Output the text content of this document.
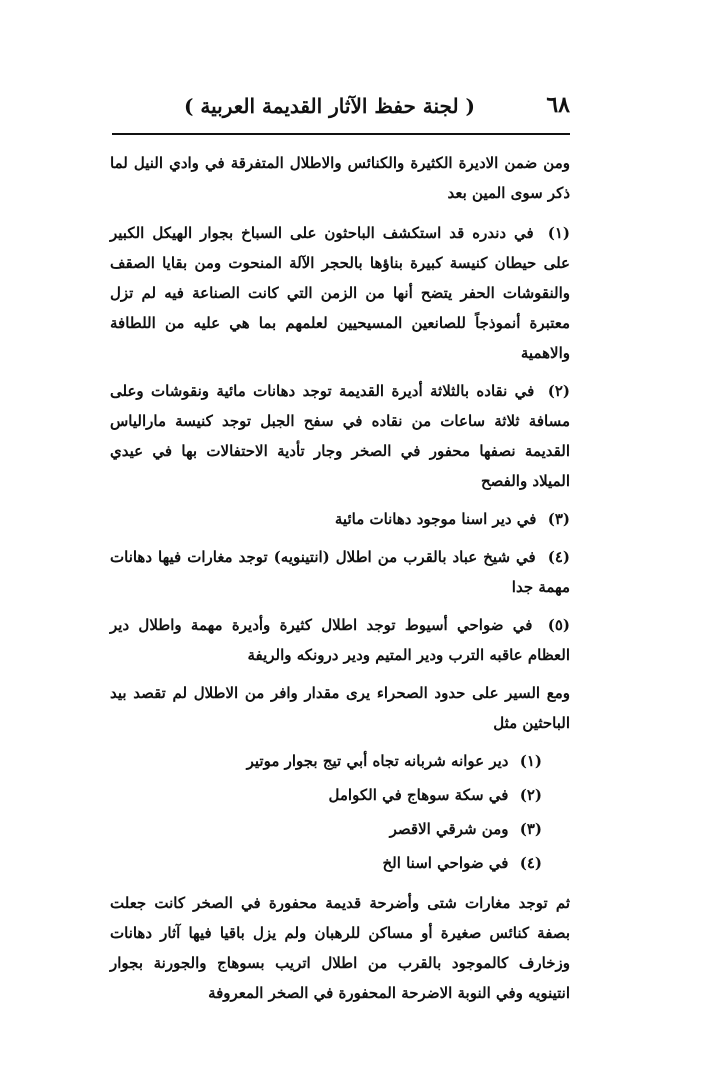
٦٨
( لجنة حفظ الآثار القديمة العربية )

ومن ضمن الاديرة الكثيرة والكنائس والاطلال المتفرقة في وادي النيل لما ذكر سوى المين بعد

(١) في دندره قد استكشف الباحثون على السباخ بجوار الهيكل الكبير على حيطان كنيسة كبيرة بناؤها بالحجر الآلة المنحوت ومن بقايا الصقف والنقوشات الحفر يتضح أنها من الزمن التي كانت الصناعة فيه لم تزل معتبرة أنموذجاً للصانعين المسيحيين لعلمهم بما هي عليه من اللطافة والاهمية

(٢) في نقاده بالثلاثة أديرة القديمة توجد دهانات مائية ونقوشات وعلى مسافة ثلاثة ساعات من نقاده في سفح الجبل توجد كنيسة مارالياس القديمة نصفها محفور في الصخر وجار تأدية الاحتفالات بها في عيدي الميلاد والفصح

(٣) في دير اسنا موجود دهانات مائية

(٤) في شيخ عباد بالقرب من اطلال (انتينويه) توجد مغارات فيها دهانات مهمة جدا

(٥) في ضواحي أسيوط توجد اطلال كثيرة وأديرة مهمة واطلال دير العظام عاقبه الترب ودير المتيم ودير درونكه والريفة

ومع السير على حدود الصحراء يرى مقدار وافر من الاطلال لم تقصد بيد الباحثين مثل

(١) دير عوانه شربانه تجاه أبي تيج بجوار موتير
(٢) في سكة سوهاج في الكوامل
(٣) ومن شرقي الاقصر
(٤) في ضواحي اسنا الخ

ثم توجد مغارات شتى وأضرحة قديمة محفورة في الصخر كانت جعلت بصفة كنائس صغيرة أو مساكن للرهبان ولم يزل باقيا فيها آثار دهانات وزخارف كالموجود بالقرب من اطلال اتريب بسوهاج والجورنة بجوار انتينويه وفي النوبة الاضرحة المحفورة في الصخر المعروفة
